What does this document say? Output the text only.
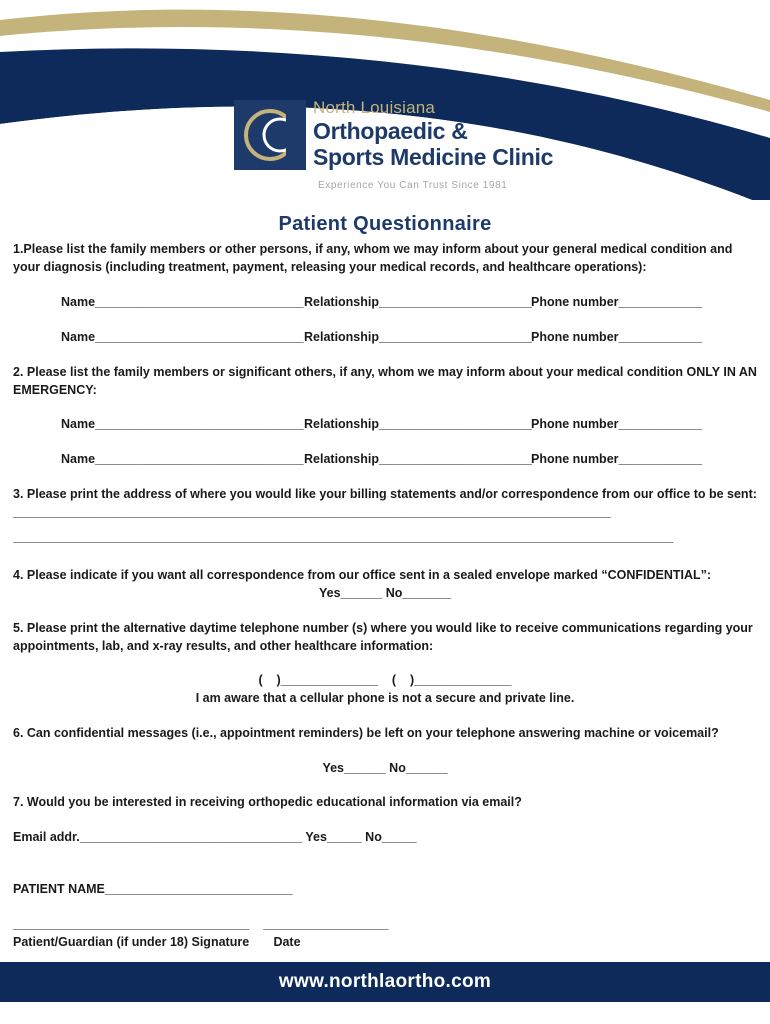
North Louisiana
Orthopaedic &
Sports Medicine Clinic
Experience You Can Trust Since 1981
Patient Questionnaire
1.Please list the family members or other persons, if any, whom we may inform about your general medical condition and your diagnosis (including treatment, payment, releasing your medical records, and healthcare operations):
Name______________________________ Relationship______________________ Phone number____________
Name______________________________ Relationship______________________ Phone number____________
2. Please list the family members or significant others, if any, whom we may inform about your medical condition ONLY IN AN EMERGENCY:
Name______________________________ Relationship______________________ Phone number____________
Name______________________________ Relationship______________________ Phone number____________
3. Please print the address of where you would like your billing statements and/or correspondence from our office to be sent: ______________________________________________________________________________________
_______________________________________________________________________________________________
4. Please indicate if you want all correspondence from our office sent in a sealed envelope marked “CONFIDENTIAL”:
Yes______ No_______
5. Please print the alternative daytime telephone number (s) where you would like to receive communications regarding your appointments, lab, and x-ray results, and other healthcare information:
(    )______________    (    )______________
I am aware that a cellular phone is not a secure and private line.
6. Can confidential messages (i.e., appointment reminders) be left on your telephone answering machine or voicemail?
Yes______ No______
7. Would you be interested in receiving orthopedic educational information via email?
Email addr.________________________________ Yes_____ No_____
PATIENT NAME___________________________
__________________________________    __________________
Patient/Guardian (if under 18) Signature       Date
www.northlaortho.com
